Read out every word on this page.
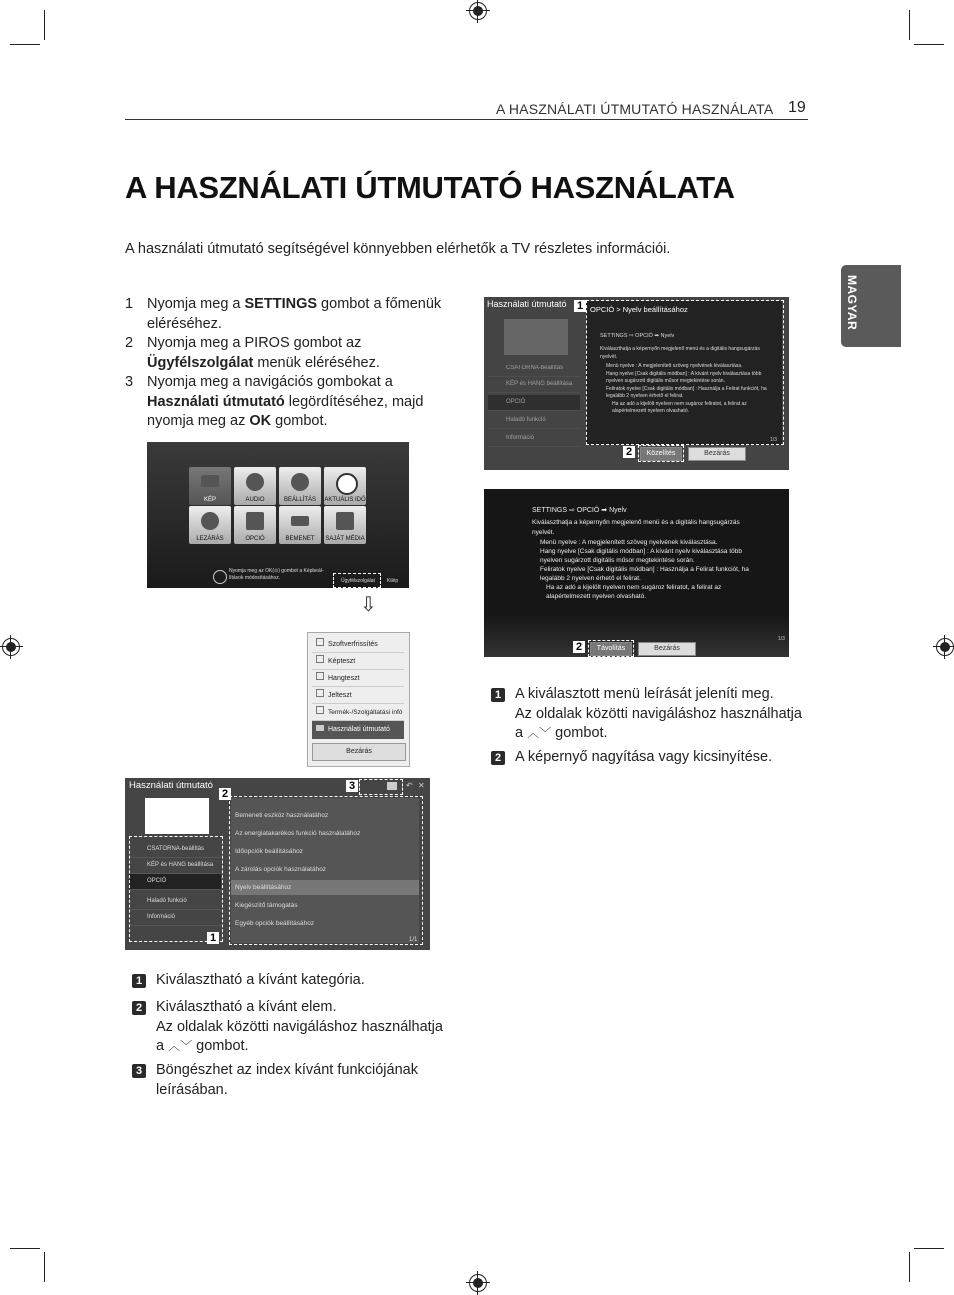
A HASZNÁLATI ÚTMUTATÓ HASZNÁLATA 19
MAGYAR
A HASZNÁLATI ÚTMUTATÓ HASZNÁLATA
A használati útmutató segítségével könnyebben elérhetők a TV részletes információi.
1 Nyomja meg a SETTINGS gombot a főmenük eléréséhez.
2 Nyomja meg a PIROS gombot az Ügyfélszolgálat menük eléréséhez.
3 Nyomja meg a navigációs gombokat a Használati útmutató legördítéséhez, majd nyomja meg az OK gombot.
KÉP	AUDIO	BEÁLLÍTÁS	AKTUÁLIS IDŐ
LEZÁRÁS	OPCIÓ	BEMENET	SAJÁT MÉDIA
Nyomja meg az OK(⊙) gombot a Képbeál-lítások módosításához.	Ügyfélszolgálat Kilép
⇩
Szoftverfrissítés
Képteszt
Hangteszt
Jelteszt
Termék-/Szolgáltatási infó
Használati útmutató
Bezárás
Használati útmutató
CSATORNA-beállítás
KÉP és HANG beállítása
OPCIÓ
Haladó funkció
Információ
1
Bemeneti eszköz használatához
Az energiatakarékos funkció használatához
Időopciók beállításához
A zárolás opciók használatához
Nyelv beállításához
Kiegészítő támogatás
Egyéb opciók beállításához
1/1
2
3	↶ ✕
1 Kiválasztható a kívánt kategória.
2 Kiválasztható a kívánt elem.
Az oldalak közötti navigáláshoz használhatja
a ︿﹀ gombot.
3 Böngészhet az index kívánt funkciójának
leírásában.
Használati útmutató
CSATORNA-beállítás
KÉP és HANG beállítása
OPCIÓ
Haladó funkció
Információ
OPCIÓ > Nyelv beállításához
SETTINGS ⇨ OPCIÓ ➡ Nyelv
Kiválaszthatja a képernyőn megjelenő menü és a digitális hangsugárzás nyelvét.
Menü nyelve : A megjelenített szöveg nyelvének kiválasztása.
Hang nyelve [Csak digitális módban] : A kívánt nyelv kiválasztása több nyelven sugárzott digitális műsor megtekintése során.
Feliratok nyelve [Csak digitális módban] : Használja a Felirat funkciót, ha legalább 2 nyelven érhető el felirat.
Ha az adó a kijelölt nyelven nem sugároz feliratot, a felirat az alapértelmezett nyelven olvasható.
1/3
1
Közelítés
2	Bezárás
SETTINGS ⇨ OPCIÓ ➡ Nyelv
Kiválaszthatja a képernyőn megjelenő menü és a digitális hangsugárzás nyelvét.
Menü nyelve : A megjelenített szöveg nyelvének kiválasztása.
Hang nyelve [Csak digitális módban] : A kívánt nyelv kiválasztása több nyelven sugárzott digitális műsor megtekintése során.
Feliratok nyelve [Csak digitális módban] : Használja a Felirat funkciót, ha legalább 2 nyelven érhető el felirat.
Ha az adó a kijelölt nyelven nem sugároz feliratot, a felirat az alapértelmezett nyelven olvasható.
1/3
Távolítás
2	Bezárás
1 A kiválasztott menü leírását jeleníti meg.
Az oldalak közötti navigáláshoz használhatja
a ︿﹀ gombot.
2 A képernyő nagyítása vagy kicsinyítése.
